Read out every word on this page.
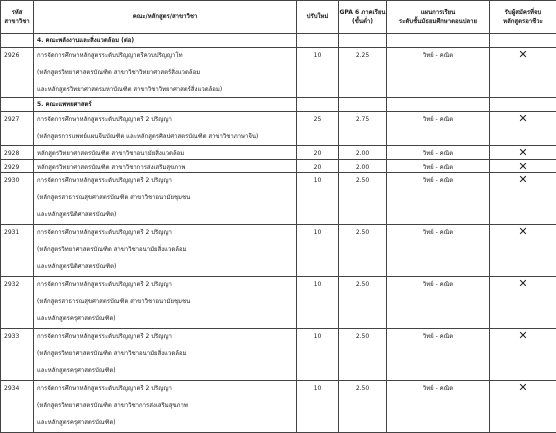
รหัส
สาขาวิชา	คณะ/หลักสูตร/สาขาวิชา	ปรับใหม่	GPA 6 ภาคเรียน
(ขั้นต่ำ)	แผนการเรียน
ระดับชั้นมัธยมศึกษาตอนปลาย	รับผู้สมัครที่จบ
หลักสูตรอาชีวะ
	4. คณะพลังงานและสิ่งแวดล้อม (ต่อ)				
2926	การจัดการศึกษาหลักสูตรระดับปริญญาตรีควบปริญญาโท
(หลักสูตรวิทยาศาสตรบัณฑิต สาขาวิชาวิทยาศาสตร์สิ่งแวดล้อม
และหลักสูตรวิทยาศาสตรมหาบัณฑิต สาขาวิชาวิทยาศาสตร์สิ่งแวดล้อม)	10	2.25	วิทย์ - คณิต	✕
	5. คณะแพทยศาสตร์				
2927	การจัดการศึกษาหลักสูตรระดับปริญญาตรี 2 ปริญญา
(หลักสูตรการแพทย์แผนจีนบัณฑิต และหลักสูตรศิลปศาสตรบัณฑิต สาขาวิชาภาษาจีน)	25	2.75	วิทย์ - คณิต	✕
2928	หลักสูตรวิทยาศาสตรบัณฑิต สาขาวิชาอนามัยสิ่งแวดล้อม	20	2.00	วิทย์ - คณิต	✕
2929	หลักสูตรวิทยาศาสตรบัณฑิต สาขาวิชาการส่งเสริมสุขภาพ	20	2.00	วิทย์ - คณิต	✕
2930	การจัดการศึกษาหลักสูตรระดับปริญญาตรี 2 ปริญญา
(หลักสูตรสาธารณสุขศาสตรบัณฑิต สาขาวิชาอนามัยชุมชน
และหลักสูตรนิติศาสตรบัณฑิต)	10	2.50	วิทย์ - คณิต	✕
2931	การจัดการศึกษาหลักสูตรระดับปริญญาตรี 2 ปริญญา
(หลักสูตรวิทยาศาสตรบัณฑิต สาขาวิชาอนามัยสิ่งแวดล้อม
และหลักสูตรนิติศาสตรบัณฑิต)	10	2.50	วิทย์ - คณิต	✕
2932	การจัดการศึกษาหลักสูตรระดับปริญญาตรี 2 ปริญญา
(หลักสูตรสาธารณสุขศาสตรบัณฑิต สาขาวิชาอนามัยชุมชน
และหลักสูตรครุศาสตรบัณฑิต)	10	2.50	วิทย์ - คณิต	✕
2933	การจัดการศึกษาหลักสูตรระดับปริญญาตรี 2 ปริญญา
(หลักสูตรวิทยาศาสตรบัณฑิต สาขาวิชาอนามัยสิ่งแวดล้อม
และหลักสูตรครุศาสตรบัณฑิต)	10	2.50	วิทย์ - คณิต	✕
2934	การจัดการศึกษาหลักสูตรระดับปริญญาตรี 2 ปริญญา
(หลักสูตรวิทยาศาสตรบัณฑิต สาขาวิชาการส่งเสริมสุขภาพ
และหลักสูตรครุศาสตรบัณฑิต)	10	2.50	วิทย์ - คณิต	✕
